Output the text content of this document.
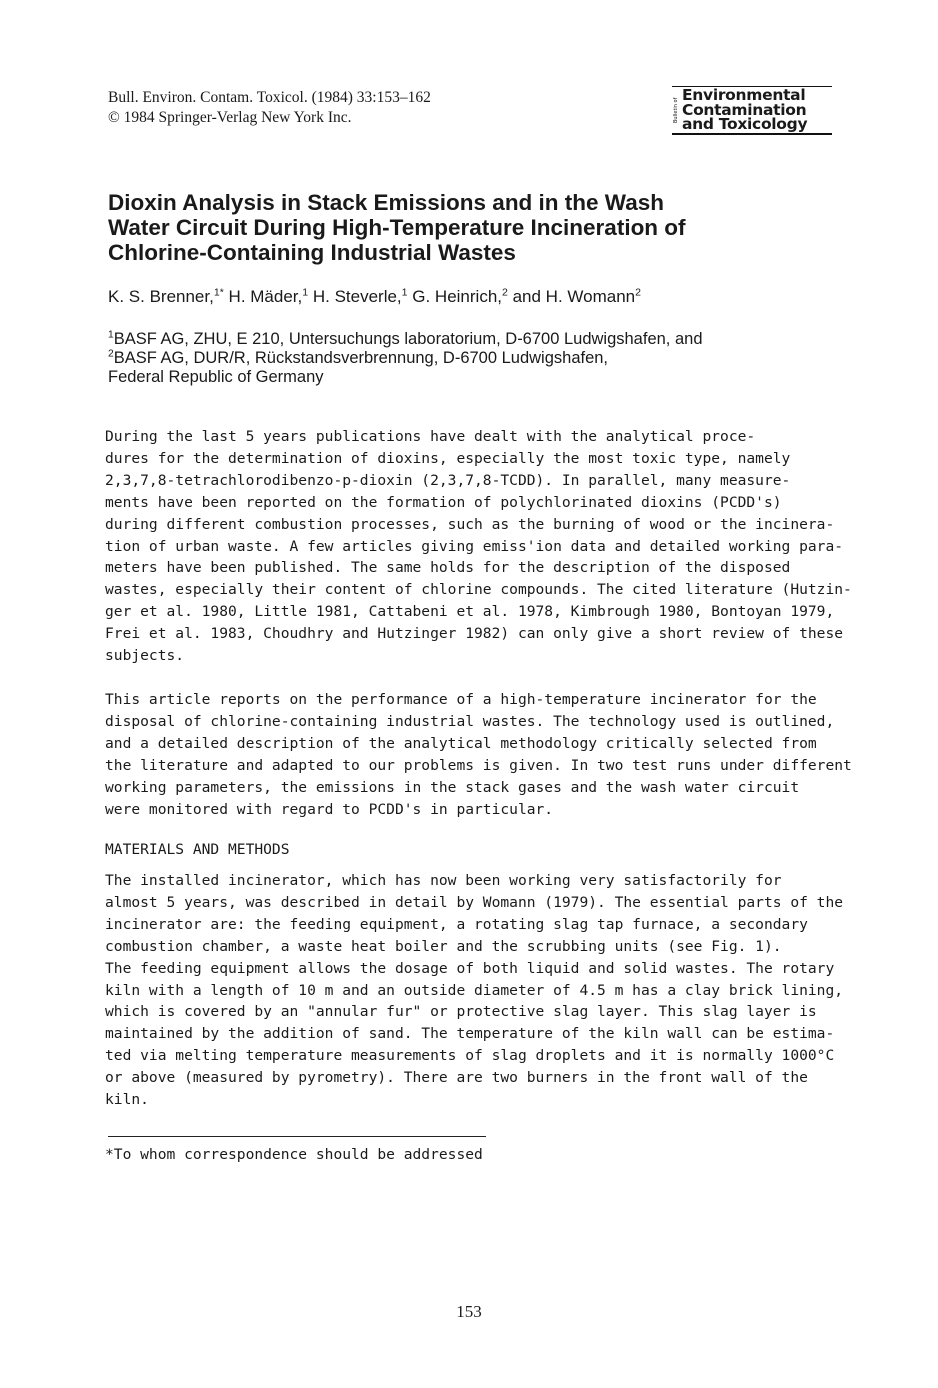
Bull. Environ. Contam. Toxicol. (1984) 33:153–162
© 1984 Springer-Verlag New York Inc.	Bulletin of
Environmental
Contamination
and Toxicology
Dioxin Analysis in Stack Emissions and in the Wash
Water Circuit During High-Temperature Incineration of
Chlorine-Containing Industrial Wastes
K. S. Brenner,$^{1*}$ H. Mäder,$^1$ H. Steverle,$^1$ G. Heinrich,$^2$ and H. Womann$^2$
$^1$BASF AG, ZHU, E 210, Untersuchungs laboratorium, D-6700 Ludwigshafen, and
$^2$BASF AG, DUR/R, Rückstandsverbrennung, D-6700 Ludwigshafen,
Federal Republic of Germany
During the last 5 years publications have dealt with the analytical proce-
dures for the determination of dioxins, especially the most toxic type, namely
2,3,7,8-tetrachlorodibenzo-p-dioxin (2,3,7,8-TCDD). In parallel, many measure-
ments have been reported on the formation of polychlorinated dioxins (PCDD's)
during different combustion processes, such as the burning of wood or the incinera-
tion of urban waste. A few articles giving emiss'ion data and detailed working para-
meters have been published. The same holds for the description of the disposed
wastes, especially their content of chlorine compounds. The cited literature (Hutzin-
ger et al. 1980, Little 1981, Cattabeni et al. 1978, Kimbrough 1980, Bontoyan 1979,
Frei et al. 1983, Choudhry and Hutzinger 1982) can only give a short review of these
subjects.
This article reports on the performance of a high-temperature incinerator for the
disposal of chlorine-containing industrial wastes. The technology used is outlined,
and a detailed description of the analytical methodology critically selected from
the literature and adapted to our problems is given. In two test runs under different
working parameters, the emissions in the stack gases and the wash water circuit
were monitored with regard to PCDD's in particular.
MATERIALS AND METHODS
The installed incinerator, which has now been working very satisfactorily for
almost 5 years, was described in detail by Womann (1979). The essential parts of the
incinerator are: the feeding equipment, a rotating slag tap furnace, a secondary
combustion chamber, a waste heat boiler and the scrubbing units (see Fig. 1).
The feeding equipment allows the dosage of both liquid and solid wastes. The rotary
kiln with a length of 10 m and an outside diameter of 4.5 m has a clay brick lining,
which is covered by an "annular fur" or protective slag layer. This slag layer is
maintained by the addition of sand. The temperature of the kiln wall can be estima-
ted via melting temperature measurements of slag droplets and it is normally 1000°C
or above (measured by pyrometry). There are two burners in the front wall of the
kiln.
*To whom correspondence should be addressed
153
